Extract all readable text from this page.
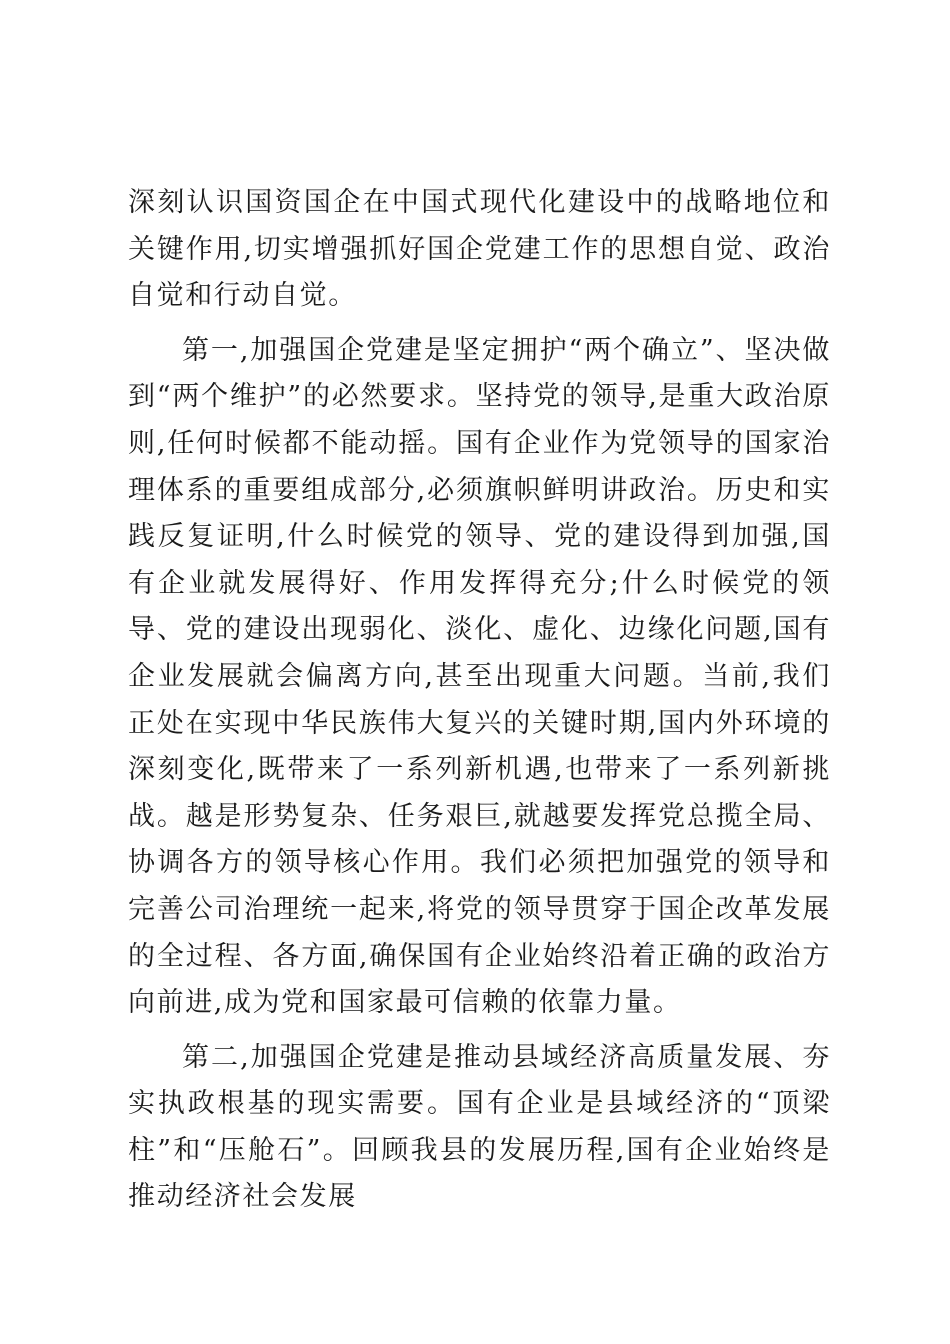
深刻认识国资国企在中国式现代化建设中的战略地位和关键作用,切实增强抓好国企党建工作的思想自觉、政治自觉和行动自觉。

第一,加强国企党建是坚定拥护“两个确立”、坚决做到“两个维护”的必然要求。坚持党的领导,是重大政治原则,任何时候都不能动摇。国有企业作为党领导的国家治理体系的重要组成部分,必须旗帜鲜明讲政治。历史和实践反复证明,什么时候党的领导、党的建设得到加强,国有企业就发展得好、作用发挥得充分;什么时候党的领导、党的建设出现弱化、淡化、虚化、边缘化问题,国有企业发展就会偏离方向,甚至出现重大问题。当前,我们正处在实现中华民族伟大复兴的关键时期,国内外环境的深刻变化,既带来了一系列新机遇,也带来了一系列新挑战。越是形势复杂、任务艰巨,就越要发挥党总揽全局、协调各方的领导核心作用。我们必须把加强党的领导和完善公司治理统一起来,将党的领导贯穿于国企改革发展的全过程、各方面,确保国有企业始终沿着正确的政治方向前进,成为党和国家最可信赖的依靠力量。

第二,加强国企党建是推动县域经济高质量发展、夯实执政根基的现实需要。国有企业是县域经济的“顶梁柱”和“压舱石”。回顾我县的发展历程,国有企业始终是推动经济社会发展
